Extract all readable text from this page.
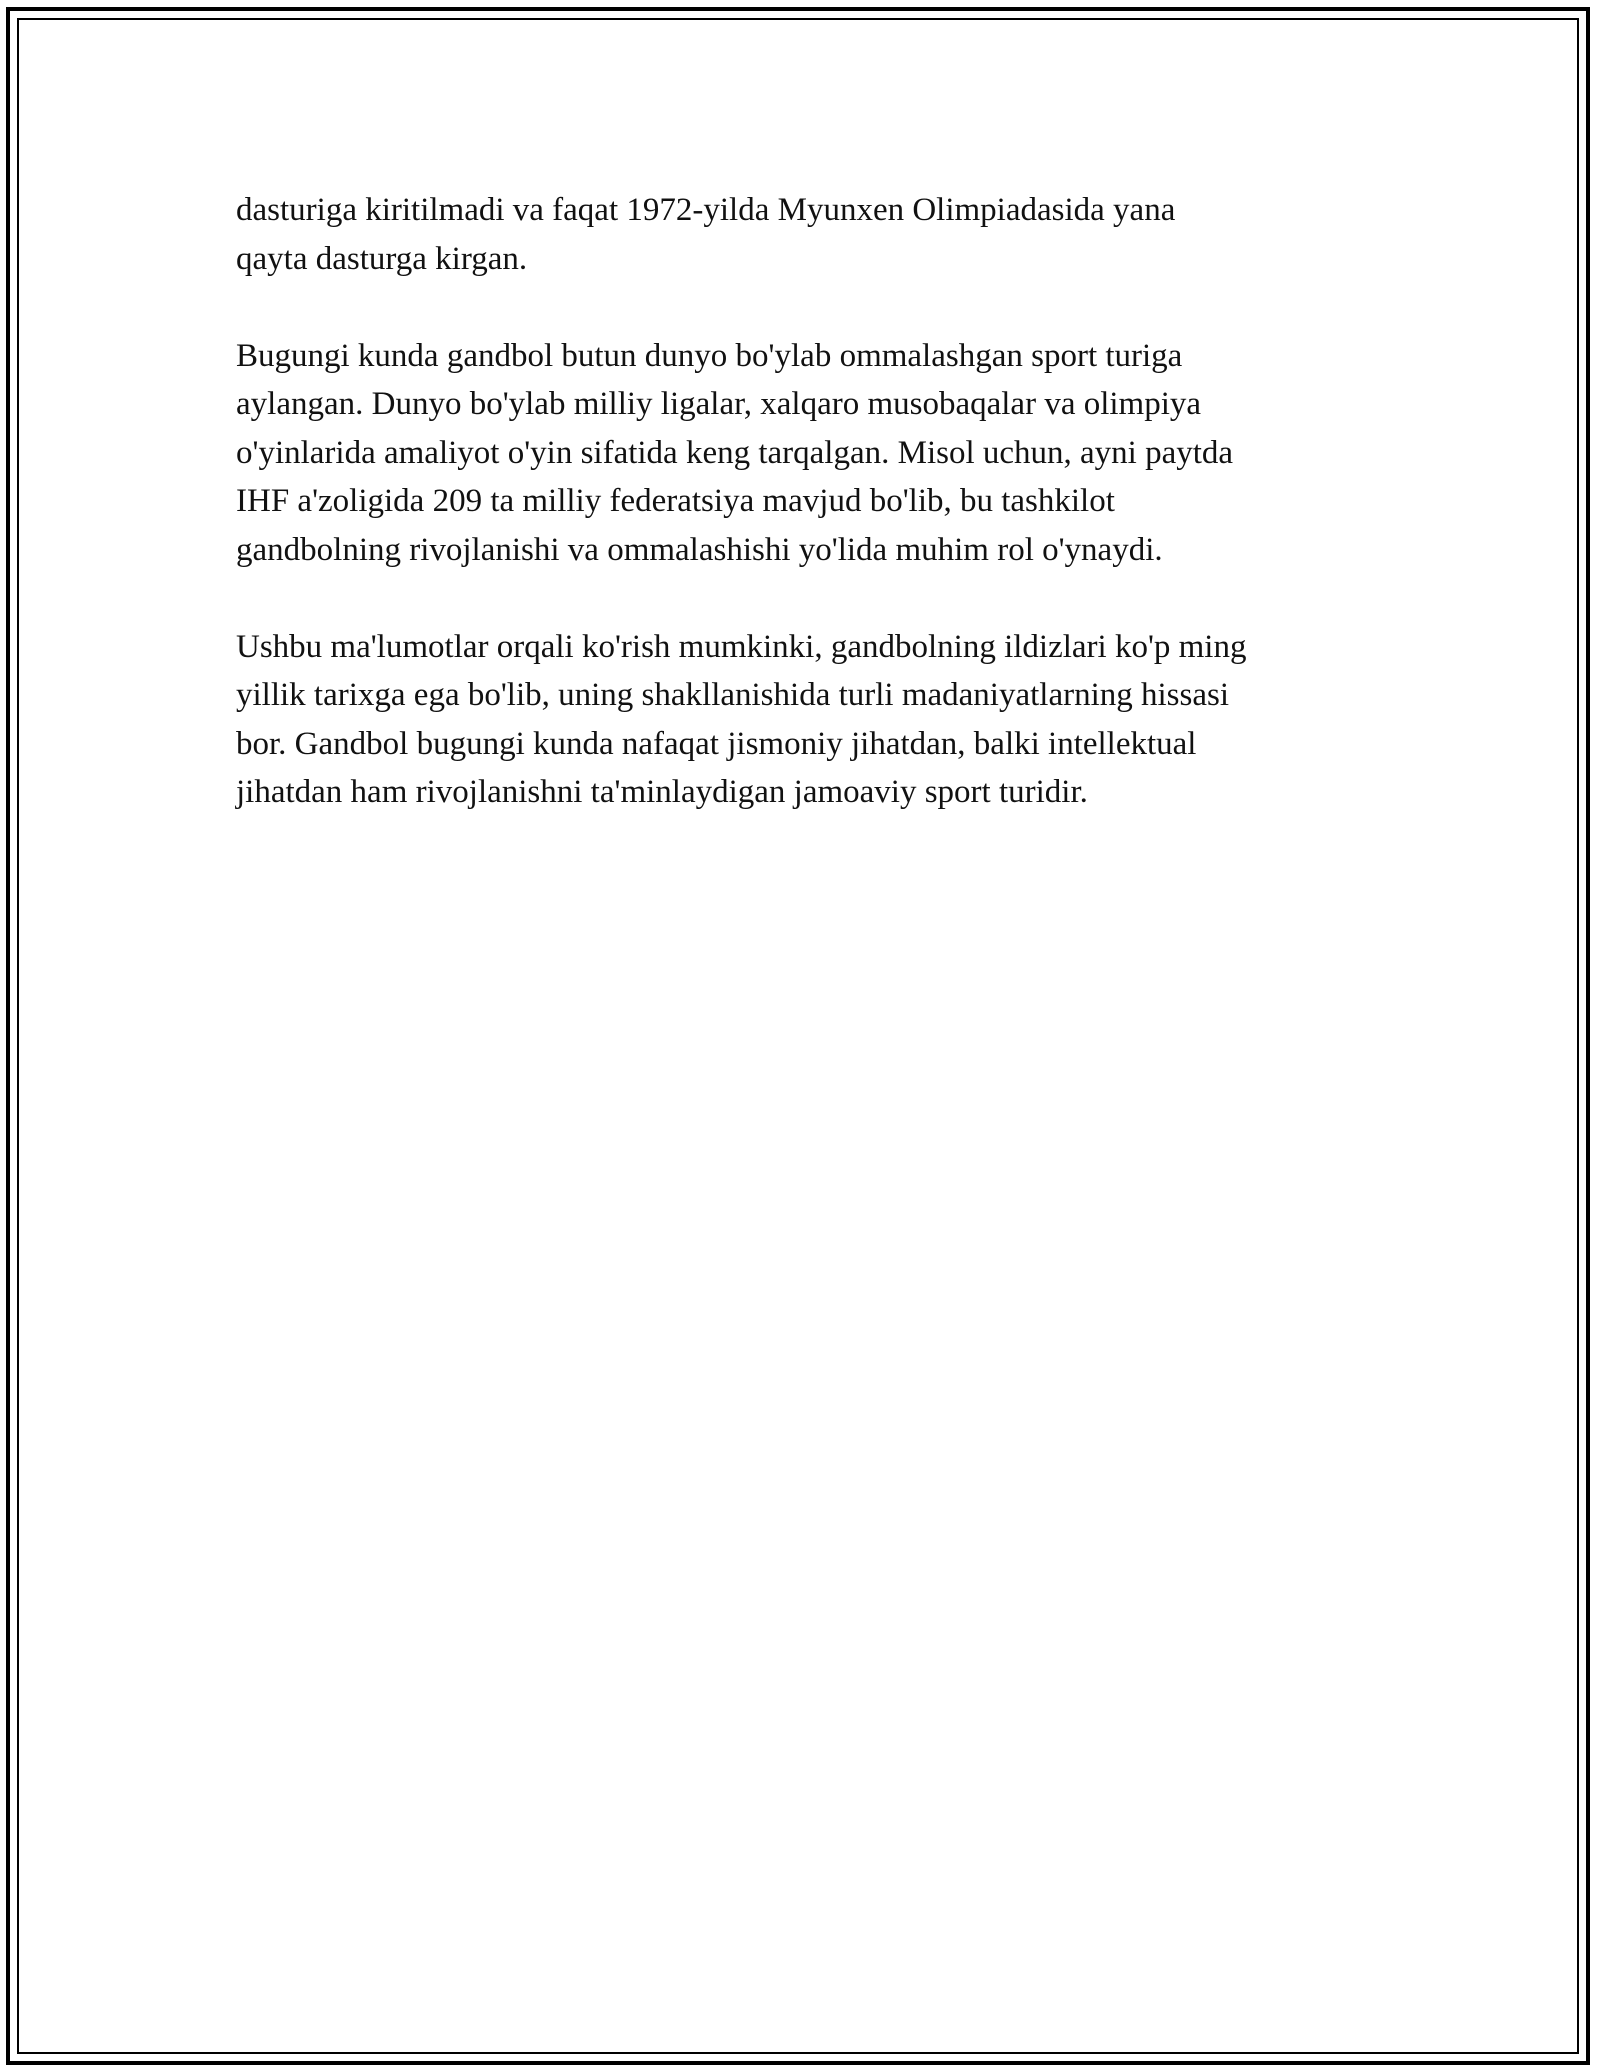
dasturiga kiritilmadi va faqat 1972-yilda Myunxen Olimpiadasida yana
qayta dasturga kirgan.

Bugungi kunda gandbol butun dunyo bo'ylab ommalashgan sport turiga
aylangan. Dunyo bo'ylab milliy ligalar, xalqaro musobaqalar va olimpiya
o'yinlarida amaliyot o'yin sifatida keng tarqalgan. Misol uchun, ayni paytda
IHF a'zoligida 209 ta milliy federatsiya mavjud bo'lib, bu tashkilot
gandbolning rivojlanishi va ommalashishi yo'lida muhim rol o'ynaydi.

Ushbu ma'lumotlar orqali ko'rish mumkinki, gandbolning ildizlari ko'p ming
yillik tarixga ega bo'lib, uning shakllanishida turli madaniyatlarning hissasi
bor. Gandbol bugungi kunda nafaqat jismoniy jihatdan, balki intellektual
jihatdan ham rivojlanishni ta'minlaydigan jamoaviy sport turidir.
